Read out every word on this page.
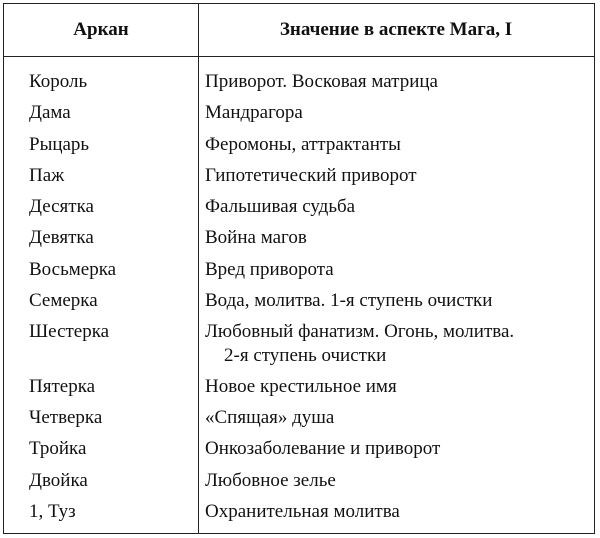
Аркан	Значение в аспекте Мага, I
Король	Приворот. Восковая матрица
Дама	Мандрагора
Рыцарь	Феромоны, аттрактанты
Паж	Гипотетический приворот
Десятка	Фальшивая судьба
Девятка	Война магов
Восьмерка	Вред приворота
Семерка	Вода, молитва. 1-я ступень очистки
Шестерка	Любовный фанатизм. Огонь, молитва.
2-я ступень очистки
Пятерка	Новое крестильное имя
Четверка	«Спящая» душа
Тройка	Онкозаболевание и приворот
Двойка	Любовное зелье
1, Туз	Охранительная молитва
